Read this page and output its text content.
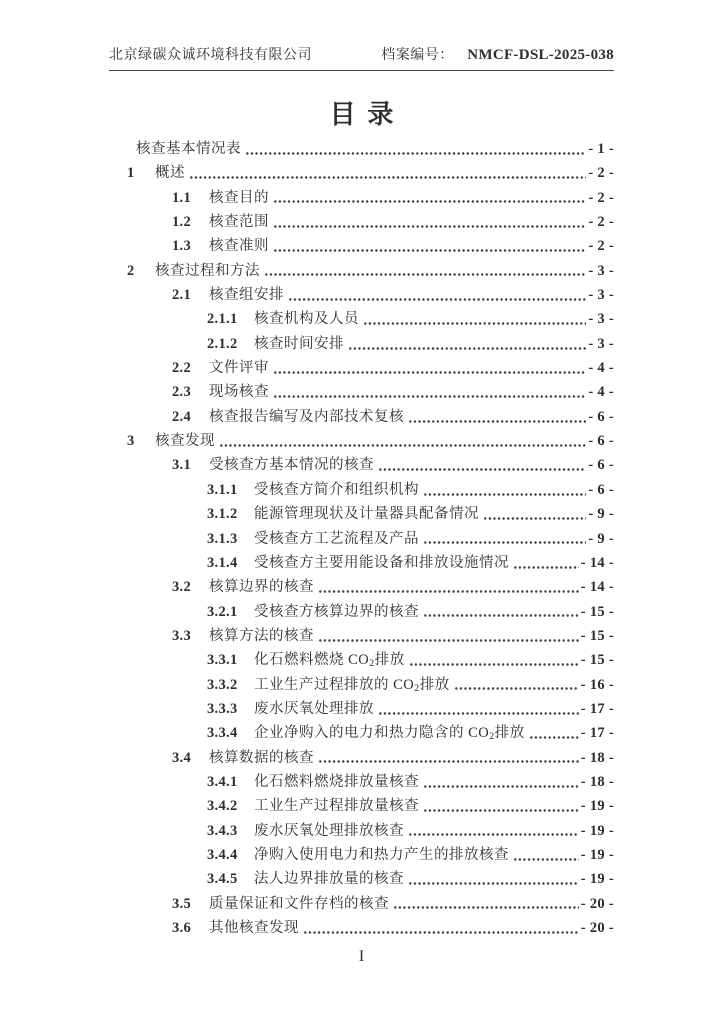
北京绿碳众诚环境科技有限公司	档案编号： NMCF-DSL-2025-038
目录
核查基本情况表	- 1 -
1	概述	- 2 -
1.1	核查目的	- 2 -
1.2	核查范围	- 2 -
1.3	核查准则	- 2 -
2	核查过程和方法	- 3 -
2.1	核查组安排	- 3 -
2.1.1	核查机构及人员	- 3 -
2.1.2	核查时间安排	- 3 -
2.2	文件评审	- 4 -
2.3	现场核查	- 4 -
2.4	核查报告编写及内部技术复核	- 6 -
3	核查发现	- 6 -
3.1	受核查方基本情况的核查	- 6 -
3.1.1	受核查方简介和组织机构	- 6 -
3.1.2	能源管理现状及计量器具配备情况	- 9 -
3.1.3	受核查方工艺流程及产品	- 9 -
3.1.4	受核查方主要用能设备和排放设施情况	- 14 -
3.2	核算边界的核查	- 14 -
3.2.1	受核查方核算边界的核查	- 15 -
3.3	核算方法的核查	- 15 -
3.3.1	化石燃料燃烧 $CO_2$排放	- 15 -
3.3.2	工业生产过程排放的 $CO_2$排放	- 16 -
3.3.3	废水厌氧处理排放	- 17 -
3.3.4	企业净购入的电力和热力隐含的 $CO_2$排放	- 17 -
3.4	核算数据的核查	- 18 -
3.4.1	化石燃料燃烧排放量核查	- 18 -
3.4.2	工业生产过程排放量核查	- 19 -
3.4.3	废水厌氧处理排放核查	- 19 -
3.4.4	净购入使用电力和热力产生的排放核查	- 19 -
3.4.5	法人边界排放量的核查	- 19 -
3.5	质量保证和文件存档的核查	- 20 -
3.6	其他核查发现	- 20 -
I
